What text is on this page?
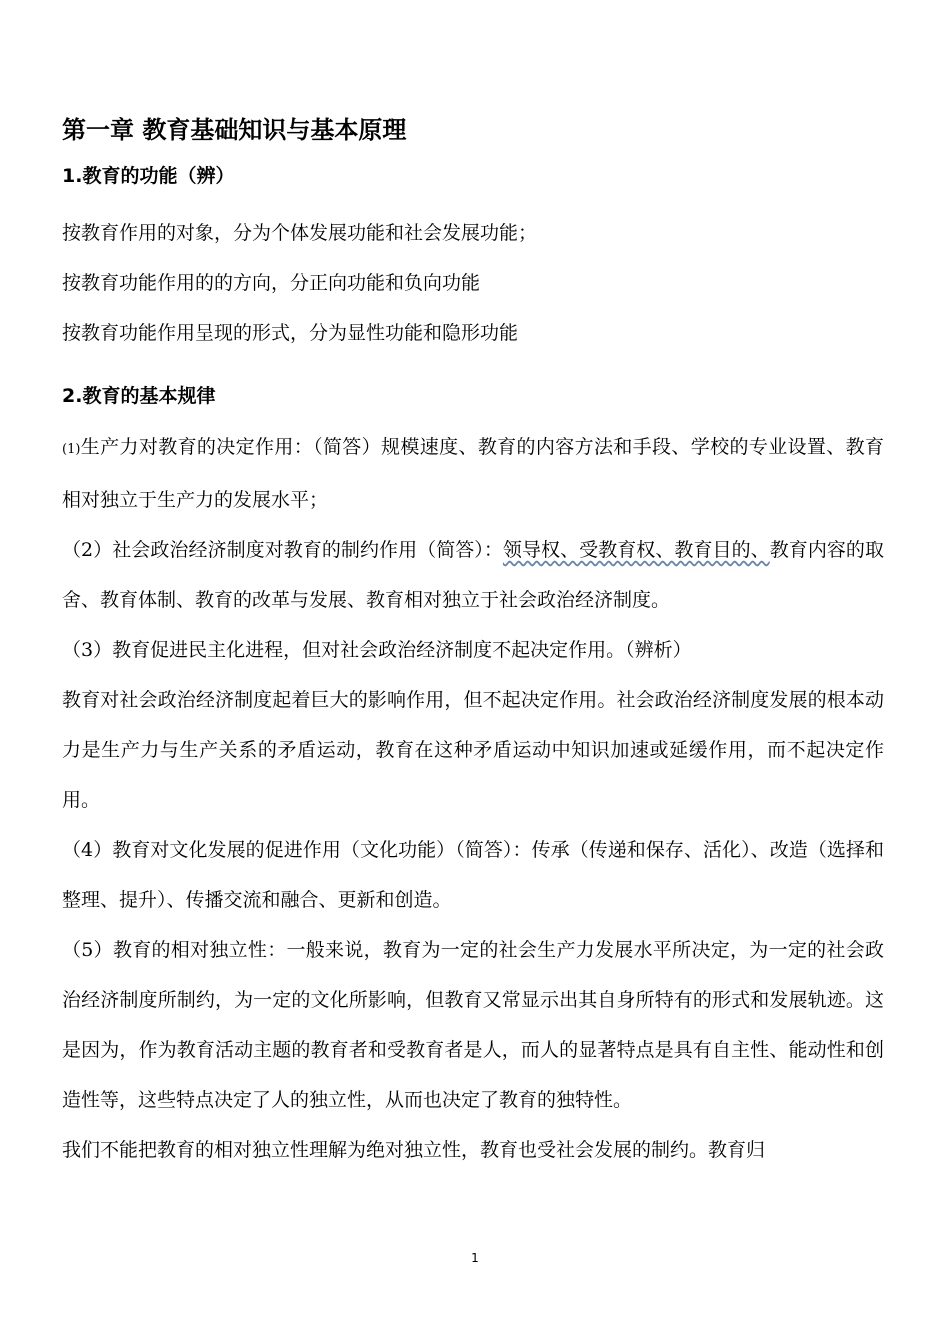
第一章 教育基础知识与基本原理
1.教育的功能（辨）
按教育作用的对象，分为个体发展功能和社会发展功能；
按教育功能作用的的方向，分正向功能和负向功能
按教育功能作用呈现的形式，分为显性功能和隐形功能
2.教育的基本规律
(1)生产力对教育的决定作用：（简答）规模速度、教育的内容方法和手段、学校的专业设置、教育相对独立于生产力的发展水平；
（2）社会政治经济制度对教育的制约作用（简答）：领导权、受教育权、教育目的、教育内容的取舍、教育体制、教育的改革与发展、教育相对独立于社会政治经济制度。
（3）教育促进民主化进程，但对社会政治经济制度不起决定作用。（辨析）
教育对社会政治经济制度起着巨大的影响作用，但不起决定作用。社会政治经济制度发展的根本动力是生产力与生产关系的矛盾运动，教育在这种矛盾运动中知识加速或延缓作用，而不起决定作用。
（4）教育对文化发展的促进作用（文化功能）（简答）：传承（传递和保存、活化）、改造（选择和整理、提升）、传播交流和融合、更新和创造。
（5）教育的相对独立性：一般来说，教育为一定的社会生产力发展水平所决定，为一定的社会政治经济制度所制约，为一定的文化所影响，但教育又常显示出其自身所特有的形式和发展轨迹。这是因为，作为教育活动主题的教育者和受教育者是人，而人的显著特点是具有自主性、能动性和创造性等，这些特点决定了人的独立性，从而也决定了教育的独特性。
我们不能把教育的相对独立性理解为绝对独立性，教育也受社会发展的制约。教育归
1
